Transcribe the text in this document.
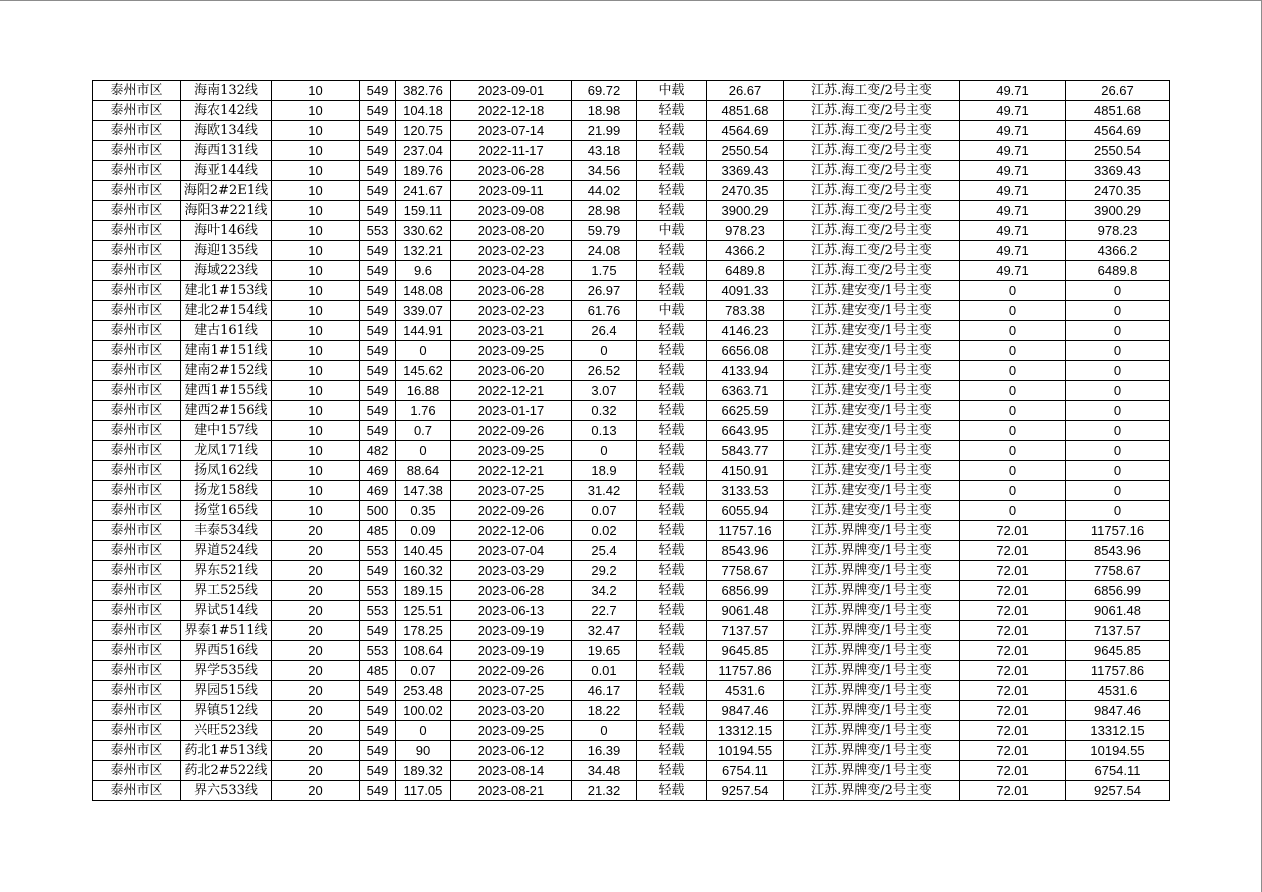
泰州市区	海南132线	10	549	382.76	2023-09-01	69.72	中载	26.67	江苏.海工变/2号主变	49.71	26.67
泰州市区	海农142线	10	549	104.18	2022-12-18	18.98	轻载	4851.68	江苏.海工变/2号主变	49.71	4851.68
泰州市区	海欧134线	10	549	120.75	2023-07-14	21.99	轻载	4564.69	江苏.海工变/2号主变	49.71	4564.69
泰州市区	海西131线	10	549	237.04	2022-11-17	43.18	轻载	2550.54	江苏.海工变/2号主变	49.71	2550.54
泰州市区	海亚144线	10	549	189.76	2023-06-28	34.56	轻载	3369.43	江苏.海工变/2号主变	49.71	3369.43
泰州市区	海阳2#2E1线	10	549	241.67	2023-09-11	44.02	轻载	2470.35	江苏.海工变/2号主变	49.71	2470.35
泰州市区	海阳3#221线	10	549	159.11	2023-09-08	28.98	轻载	3900.29	江苏.海工变/2号主变	49.71	3900.29
泰州市区	海叶146线	10	553	330.62	2023-08-20	59.79	中载	978.23	江苏.海工变/2号主变	49.71	978.23
泰州市区	海迎135线	10	549	132.21	2023-02-23	24.08	轻载	4366.2	江苏.海工变/2号主变	49.71	4366.2
泰州市区	海域223线	10	549	9.6	2023-04-28	1.75	轻载	6489.8	江苏.海工变/2号主变	49.71	6489.8
泰州市区	建北1#153线	10	549	148.08	2023-06-28	26.97	轻载	4091.33	江苏.建安变/1号主变	0	0
泰州市区	建北2#154线	10	549	339.07	2023-02-23	61.76	中载	783.38	江苏.建安变/1号主变	0	0
泰州市区	建古161线	10	549	144.91	2023-03-21	26.4	轻载	4146.23	江苏.建安变/1号主变	0	0
泰州市区	建南1#151线	10	549	0	2023-09-25	0	轻载	6656.08	江苏.建安变/1号主变	0	0
泰州市区	建南2#152线	10	549	145.62	2023-06-20	26.52	轻载	4133.94	江苏.建安变/1号主变	0	0
泰州市区	建西1#155线	10	549	16.88	2022-12-21	3.07	轻载	6363.71	江苏.建安变/1号主变	0	0
泰州市区	建西2#156线	10	549	1.76	2023-01-17	0.32	轻载	6625.59	江苏.建安变/1号主变	0	0
泰州市区	建中157线	10	549	0.7	2022-09-26	0.13	轻载	6643.95	江苏.建安变/1号主变	0	0
泰州市区	龙凤171线	10	482	0	2023-09-25	0	轻载	5843.77	江苏.建安变/1号主变	0	0
泰州市区	扬凤162线	10	469	88.64	2022-12-21	18.9	轻载	4150.91	江苏.建安变/1号主变	0	0
泰州市区	扬龙158线	10	469	147.38	2023-07-25	31.42	轻载	3133.53	江苏.建安变/1号主变	0	0
泰州市区	扬堂165线	10	500	0.35	2022-09-26	0.07	轻载	6055.94	江苏.建安变/1号主变	0	0
泰州市区	丰泰534线	20	485	0.09	2022-12-06	0.02	轻载	11757.16	江苏.界牌变/1号主变	72.01	11757.16
泰州市区	界道524线	20	553	140.45	2023-07-04	25.4	轻载	8543.96	江苏.界牌变/1号主变	72.01	8543.96
泰州市区	界东521线	20	549	160.32	2023-03-29	29.2	轻载	7758.67	江苏.界牌变/1号主变	72.01	7758.67
泰州市区	界工525线	20	553	189.15	2023-06-28	34.2	轻载	6856.99	江苏.界牌变/1号主变	72.01	6856.99
泰州市区	界试514线	20	553	125.51	2023-06-13	22.7	轻载	9061.48	江苏.界牌变/1号主变	72.01	9061.48
泰州市区	界泰1#511线	20	549	178.25	2023-09-19	32.47	轻载	7137.57	江苏.界牌变/1号主变	72.01	7137.57
泰州市区	界西516线	20	553	108.64	2023-09-19	19.65	轻载	9645.85	江苏.界牌变/1号主变	72.01	9645.85
泰州市区	界学535线	20	485	0.07	2022-09-26	0.01	轻载	11757.86	江苏.界牌变/1号主变	72.01	11757.86
泰州市区	界园515线	20	549	253.48	2023-07-25	46.17	轻载	4531.6	江苏.界牌变/1号主变	72.01	4531.6
泰州市区	界镇512线	20	549	100.02	2023-03-20	18.22	轻载	9847.46	江苏.界牌变/1号主变	72.01	9847.46
泰州市区	兴旺523线	20	549	0	2023-09-25	0	轻载	13312.15	江苏.界牌变/1号主变	72.01	13312.15
泰州市区	药北1#513线	20	549	90	2023-06-12	16.39	轻载	10194.55	江苏.界牌变/1号主变	72.01	10194.55
泰州市区	药北2#522线	20	549	189.32	2023-08-14	34.48	轻载	6754.11	江苏.界牌变/1号主变	72.01	6754.11
泰州市区	界六533线	20	549	117.05	2023-08-21	21.32	轻载	9257.54	江苏.界牌变/2号主变	72.01	9257.54
